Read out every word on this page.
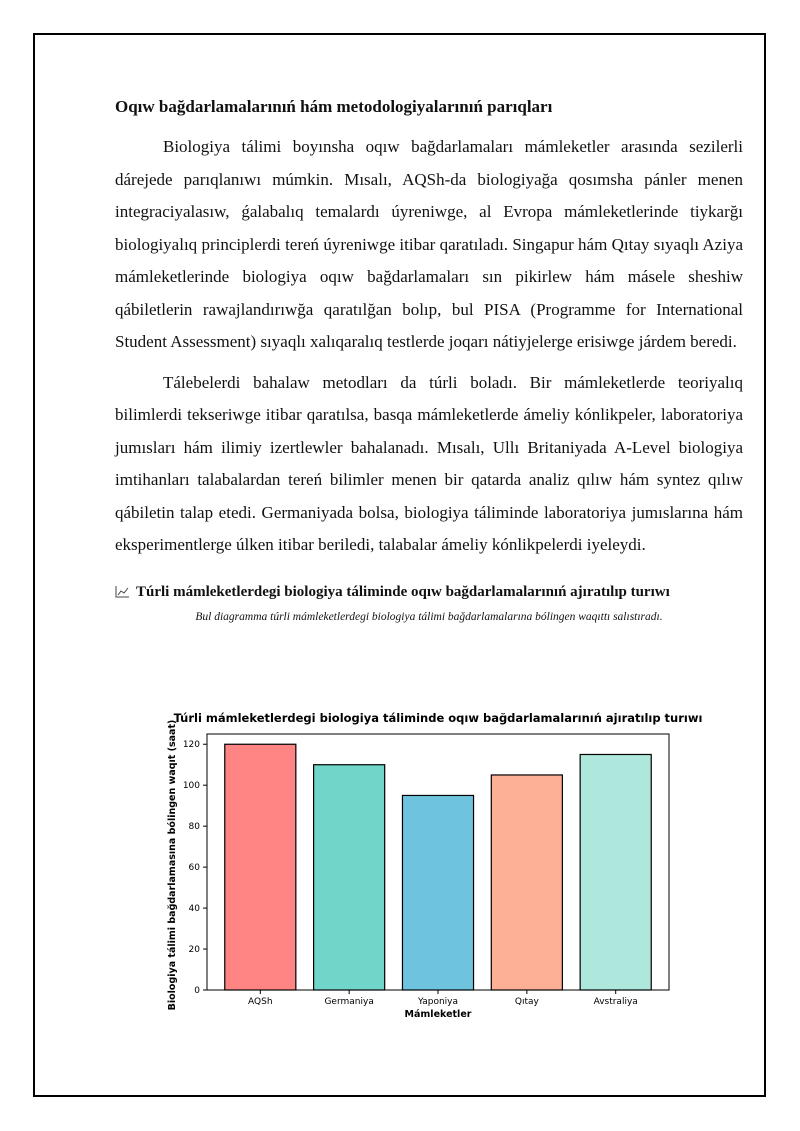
Oqıw bağdarlamalarınıń hám metodologiyalarınıń parıqları

Biologiya tálimi boyınsha oqıw bağdarlamaları mámleketler arasında sezilerli dárejede parıqlanıwı múmkin. Mısalı, AQSh-da biologiyağa qosımsha pánler menen integraciyalasıw, ǵalabalıq temalardı úyreniwge, al Evropa mámleketlerinde tiykarğı biologiyalıq principlerdi tereń úyreniwge itibar qaratıladı. Singapur hám Qıtay sıyaqlı Aziya mámleketlerinde biologiya oqıw bağdarlamaları sın pikirlew hám másele sheshiw qábiletlerin rawajlandırıwğa qaratılğan bolıp, bul PISA (Programme for International Student Assessment) sıyaqlı xalıqaralıq testlerde joqarı nátiyjelerge erisiwge járdem beredi.

Tálebelerdi bahalaw metodları da túrli boladı. Bir mámleketlerde teoriyalıq bilimlerdi tekseriwge itibar qaratılsa, basqa mámleketlerde ámeliy kónlikpeler, laboratoriya jumısları hám ilimiy izertlewler bahalanadı. Mısalı, Ullı Britaniyada A-Level biologiya imtihanları talabalardan tereń bilimler menen bir qatarda analiz qılıw hám syntez qılıw qábiletin talap etedi. Germaniyada bolsa, biologiya táliminde laboratoriya jumıslarına hám eksperimentlerge úlken itibar beriledi, talabalar ámeliy kónlikpelerdi iyeleydi.

Túrli mámleketlerdegi biologiya táliminde oqıw bağdarlamalarınıń ajıratılıp turıwı
Bul diagramma túrli mámleketlerdegi biologiya tálimi bağdarlamalarına bólingen waqıttı salıstıradı.
Túrli mámleketlerdegi biologiya táliminde oqıw bağdarlamalarınıń ajıratılıp turıwı
0
20
40
60
80
100
120
AQSh	Germaniya	Yaponiya	Qıtay	Avstraliya
Mámleketler
Biologiya tálimi bağdarlamasına bólingen waqıt (saat)
